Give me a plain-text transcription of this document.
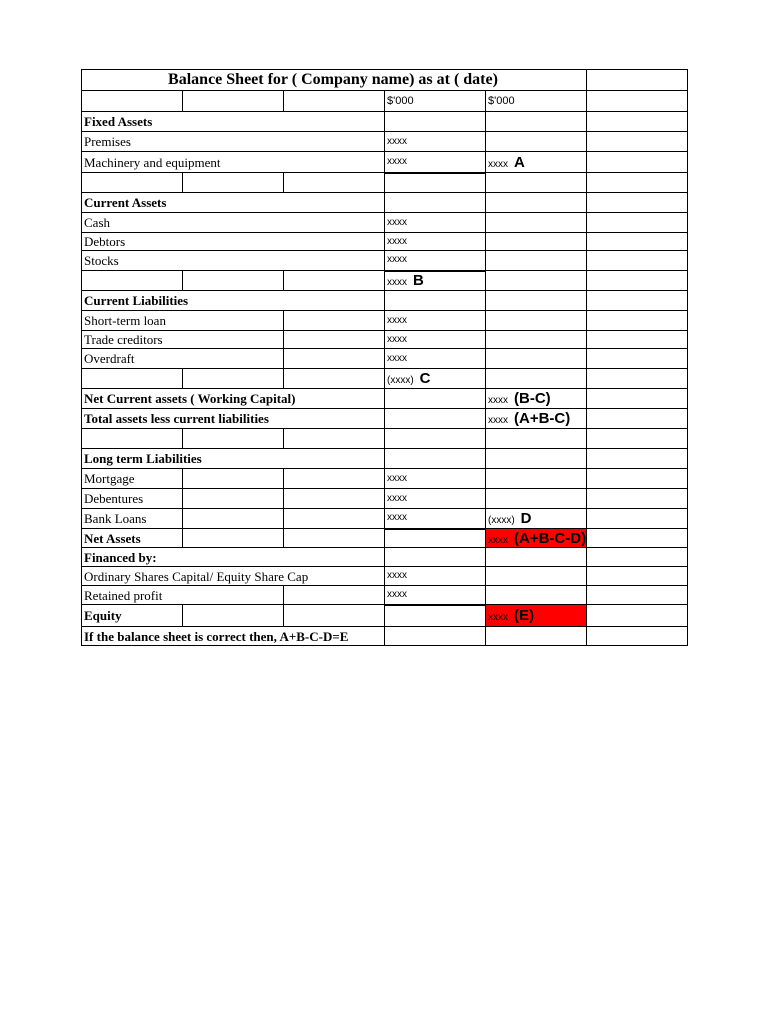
Balance Sheet for ( Company name) as at ( date)					
			$'000	$'000	
Fixed Assets					
Premises			xxxx		
Machinery and equipment			xxxx	xxxx A	

Current Assets					
Cash			xxxx		
Debtors			xxxx		
Stocks			xxxx		
			xxxx B		
Current Liabilities					
Short-term loan			xxxx		
Trade creditors			xxxx		
Overdraft			xxxx		
			(xxxx) C		
Net Current assets ( Working Capital)				xxxx (B-C)	
Total assets less current liabilities				xxxx (A+B-C)	

Long term Liabilities					
Mortgage			xxxx		
Debentures			xxxx		
Bank Loans			xxxx	(xxxx) D	
Net Assets				xxxx (A+B-C-D)	
Financed by:					
Ordinary Shares Capital/ Equity Share Cap			xxxx		
Retained profit			xxxx		
Equity				xxxx (E)	
If the balance sheet is correct then, A+B-C-D=E					
